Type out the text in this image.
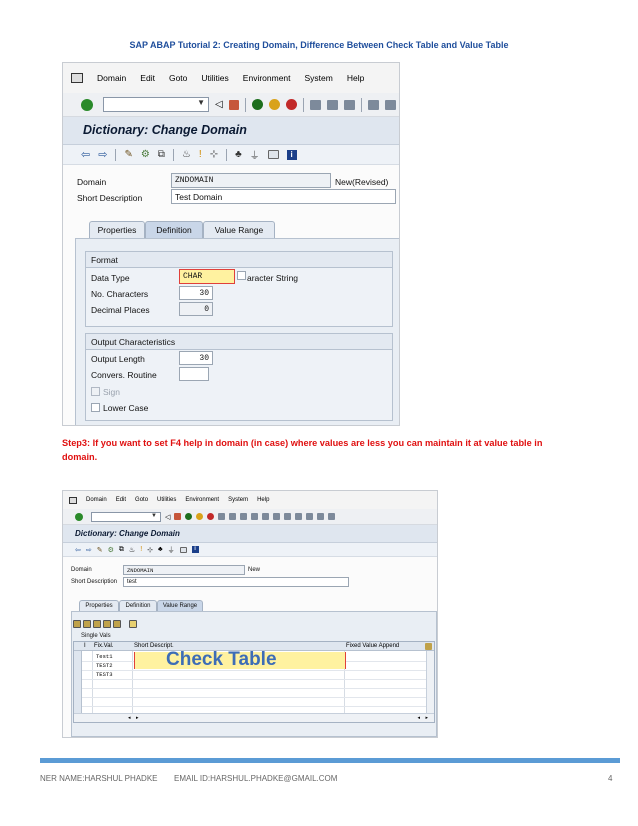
SAP ABAP Tutorial 2: Creating Domain, Difference Between Check Table and Value Table
Domain Edit Goto Utilities Environment System Help
▼ ◁
Dictionary: Change Domain
⇦ ⇨ ✎ ⚙ ⧉ ♨ ! ⊹ ♣ ⏚	i
Domain	ZNDOMAIN	New(Revised)
Short Description	Test Domain
Properties	Definition	Value Range
Format
Data Type	CHAR	aracter String
No. Characters	30
Decimal Places	0
Output Characteristics
Output Length	30
Convers. Routine
Sign
Lower Case
Step3: If you want to set F4 help in domain (in case) where values are less you can maintain it at value table in domain.
Domain Edit Goto Utilities Environment System Help
▼ ◁
Dictionary: Change Domain
⇦ ⇨ ✎ ⚙ ⧉ ♨ ! ⊹ ♣ ⏚	i
Domain	ZNDOMAIN	New
Short Description	test
Properties	Definition	Value Range
Single Vals
I Fix.Val.	Short Descript.	Fixed Value Append
Test1
TEST2
TEST3
Check Table
◂ ▸	◂ ▸
NER NAME:HARSHUL PHADKE EMAIL ID:HARSHUL.PHADKE@GMAIL.COM	4
